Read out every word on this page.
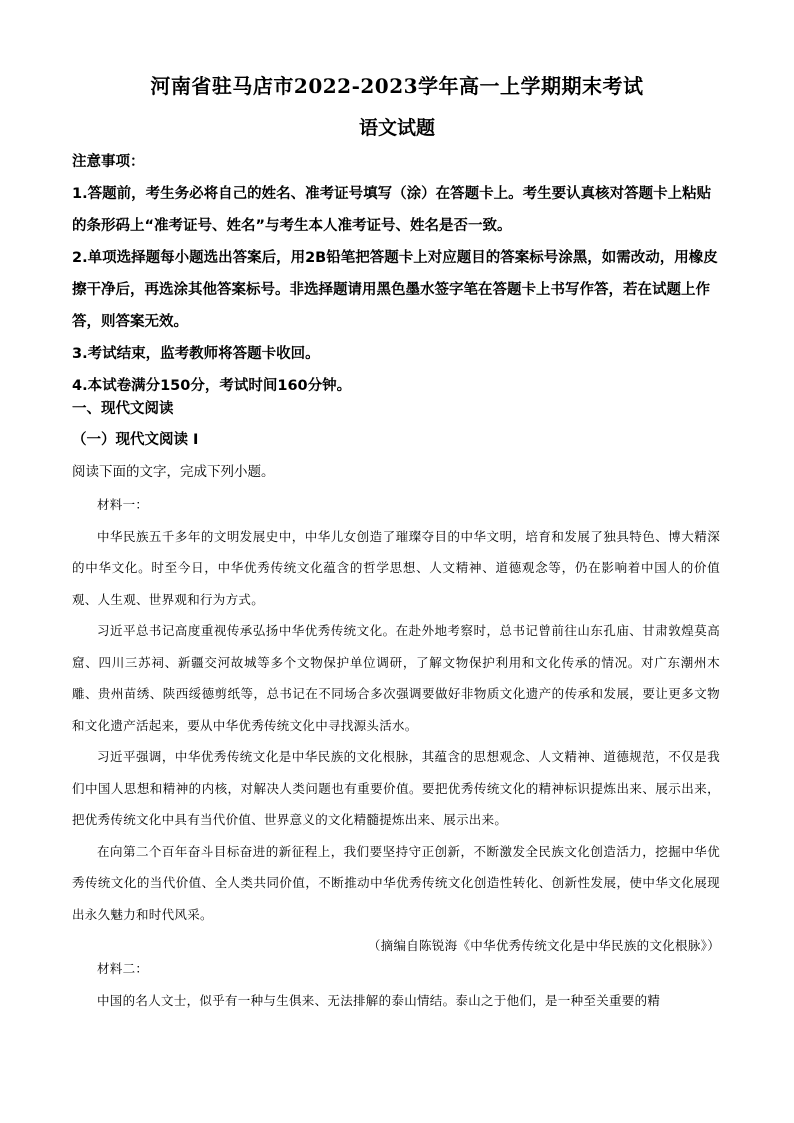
河南省驻马店市2022-2023学年高一上学期期末考试
语文试题

注意事项：

1.答题前，考生务必将自己的姓名、准考证号填写（涂）在答题卡上。考生要认真核对答题卡上粘贴的条形码上“准考证号、姓名”与考生本人准考证号、姓名是否一致。

2.单项选择题每小题选出答案后，用2B铅笔把答题卡上对应题目的答案标号涂黑，如需改动，用橡皮擦干净后，再选涂其他答案标号。非选择题请用黑色墨水签字笔在答题卡上书写作答，若在试题上作答，则答案无效。

3.考试结束，监考教师将答题卡收回。

4.本试卷满分150分，考试时间160分钟。

一、现代文阅读
（一）现代文阅读 I
阅读下面的文字，完成下列小题。

材料一：

中华民族五千多年的文明发展史中，中华儿女创造了璀璨夺目的中华文明，培育和发展了独具特色、博大精深的中华文化。时至今日，中华优秀传统文化蕴含的哲学思想、人文精神、道德观念等，仍在影响着中国人的价值观、人生观、世界观和行为方式。

习近平总书记高度重视传承弘扬中华优秀传统文化。在赴外地考察时，总书记曾前往山东孔庙、甘肃敦煌莫高窟、四川三苏祠、新疆交河故城等多个文物保护单位调研，了解文物保护利用和文化传承的情况。对广东潮州木雕、贵州苗绣、陕西绥德剪纸等，总书记在不同场合多次强调要做好非物质文化遗产的传承和发展，要让更多文物和文化遗产活起来，要从中华优秀传统文化中寻找源头活水。

习近平强调，中华优秀传统文化是中华民族的文化根脉，其蕴含的思想观念、人文精神、道德规范，不仅是我们中国人思想和精神的内核，对解决人类问题也有重要价值。要把优秀传统文化的精神标识提炼出来、展示出来，把优秀传统文化中具有当代价值、世界意义的文化精髓提炼出来、展示出来。

在向第二个百年奋斗目标奋进的新征程上，我们要坚持守正创新，不断激发全民族文化创造活力，挖掘中华优秀传统文化的当代价值、全人类共同价值，不断推动中华优秀传统文化创造性转化、创新性发展，使中华文化展现出永久魅力和时代风采。

（摘编自陈锐海《中华优秀传统文化是中华民族的文化根脉》）

材料二：

中国的名人文士，似乎有一种与生俱来、无法排解的泰山情结。泰山之于他们，是一种至关重要的精
